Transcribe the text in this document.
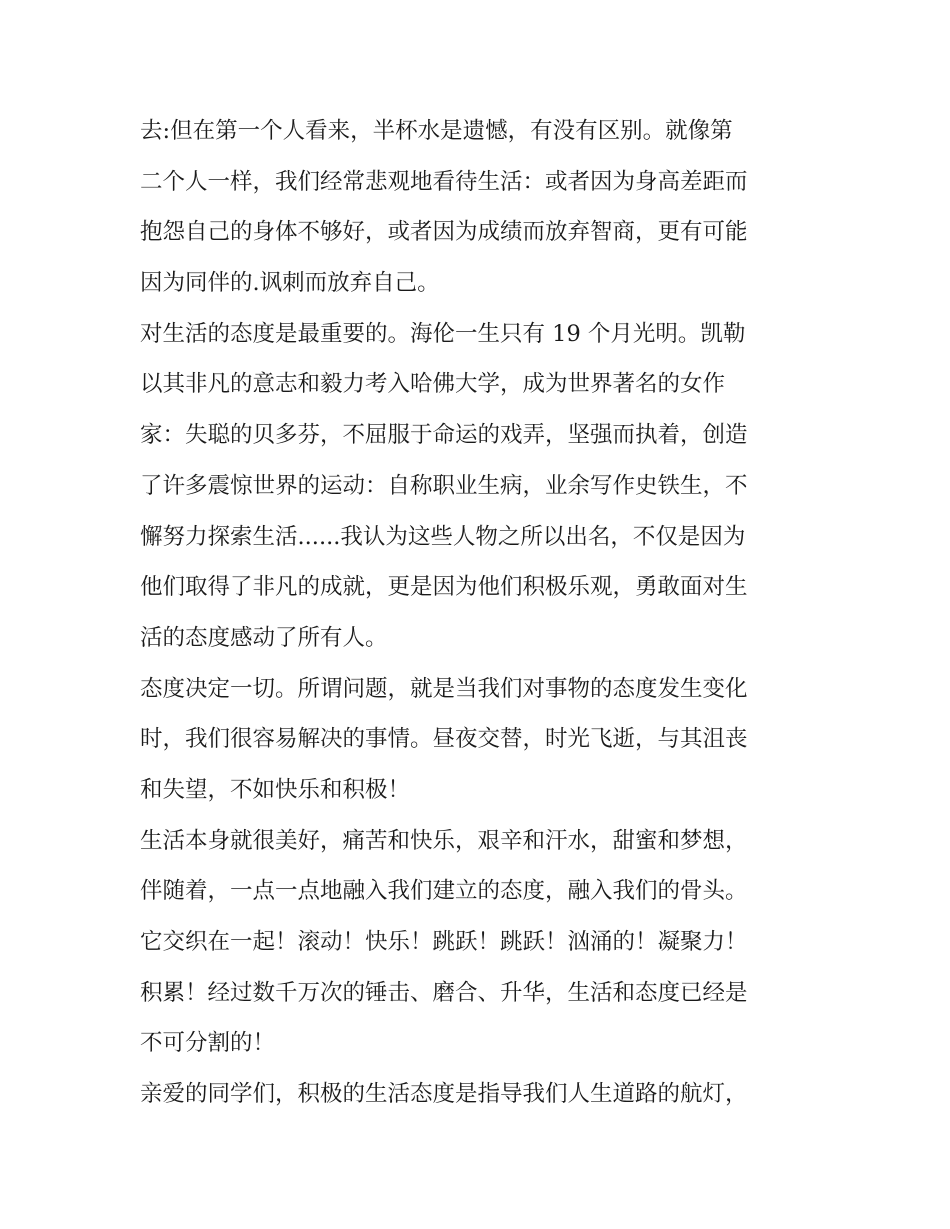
去:但在第一个人看来，半杯水是遗憾，有没有区别。就像第
二个人一样，我们经常悲观地看待生活：或者因为身高差距而
抱怨自己的身体不够好，或者因为成绩而放弃智商，更有可能
因为同伴的.讽刺而放弃自己。
对生活的态度是最重要的。海伦一生只有 19 个月光明。凯勒
以其非凡的意志和毅力考入哈佛大学，成为世界著名的女作
家：失聪的贝多芬，不屈服于命运的戏弄，坚强而执着，创造
了许多震惊世界的运动：自称职业生病，业余写作史铁生，不
懈努力探索生活......我认为这些人物之所以出名，不仅是因为
他们取得了非凡的成就，更是因为他们积极乐观，勇敢面对生
活的态度感动了所有人。
态度决定一切。所谓问题，就是当我们对事物的态度发生变化
时，我们很容易解决的事情。昼夜交替，时光飞逝，与其沮丧
和失望，不如快乐和积极！
生活本身就很美好，痛苦和快乐，艰辛和汗水，甜蜜和梦想，
伴随着，一点一点地融入我们建立的态度，融入我们的骨头。
它交织在一起！滚动！快乐！跳跃！跳跃！汹涌的！凝聚力！
积累！经过数千万次的锤击、磨合、升华，生活和态度已经是
不可分割的！
亲爱的同学们，积极的生活态度是指导我们人生道路的航灯，
